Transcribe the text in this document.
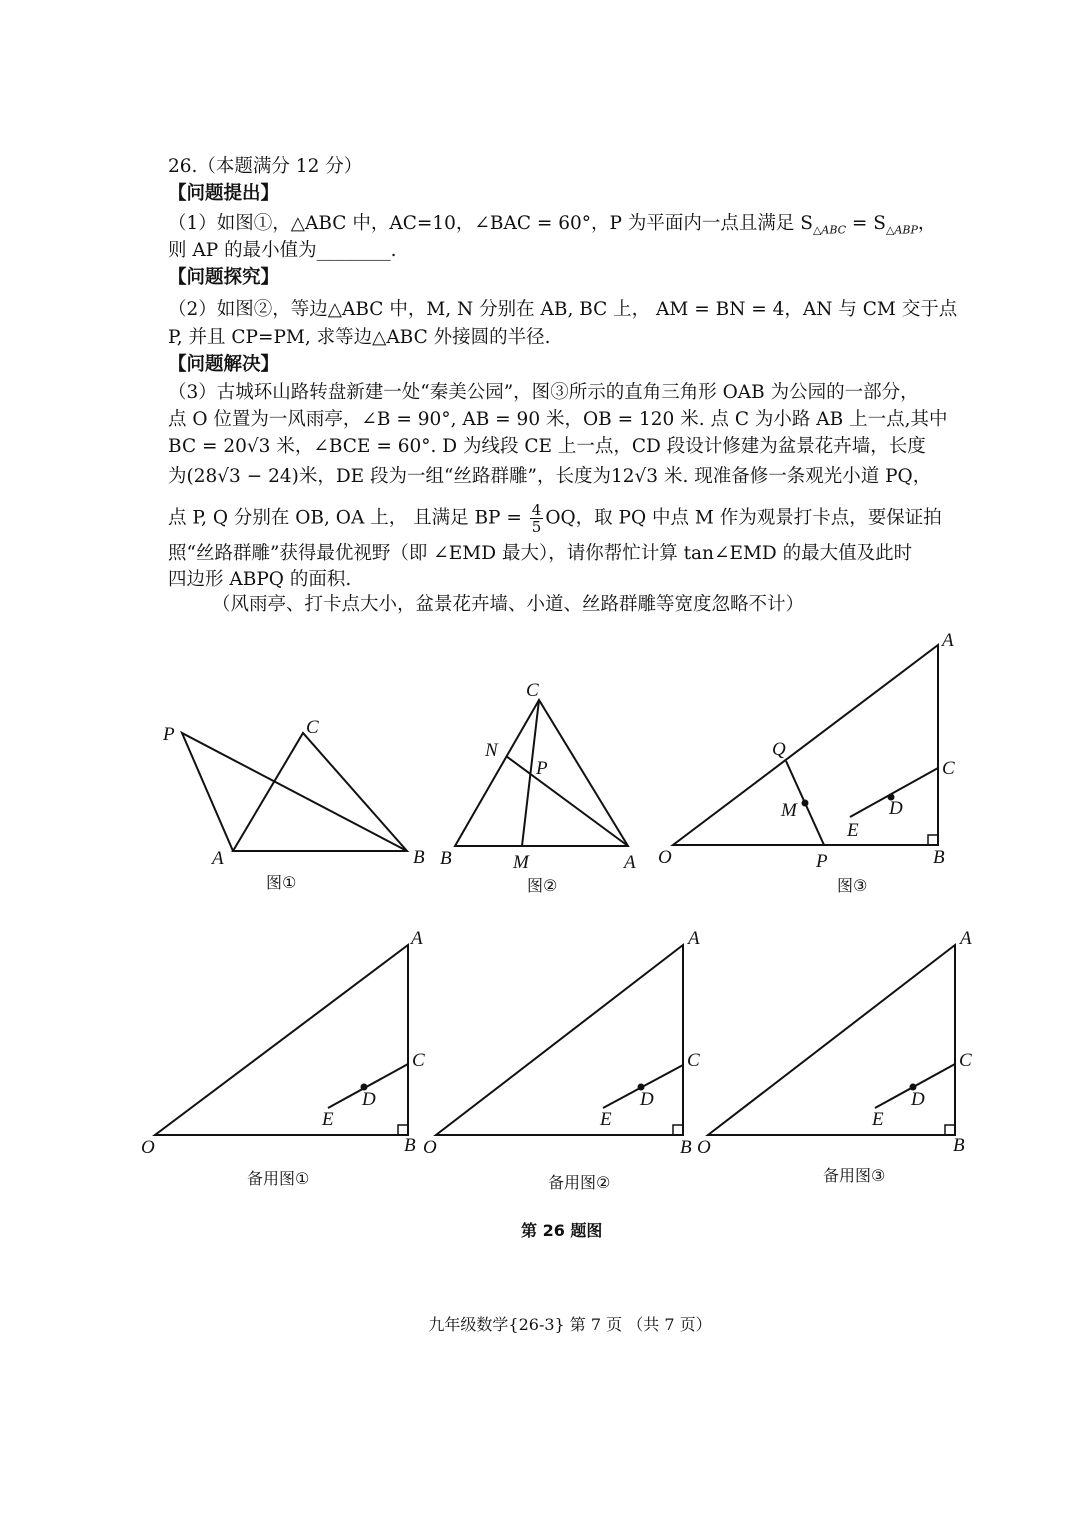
26.（本题满分 12 分）
【问题提出】
（1）如图①，△ABC 中，AC=10，∠BAC = 60°，P 为平面内一点且满足 $S_{\triangle ABC} = S_{\triangle ABP}$，
则 AP 的最小值为________.
【问题探究】
（2）如图②，等边△ABC 中，M, N 分别在 AB, BC 上， AM = BN = 4，AN 与 CM 交于点
P, 并且 CP=PM, 求等边△ABC 外接圆的半径.
【问题解决】
（3）古城环山路转盘新建一处“秦美公园”，图③所示的直角三角形 OAB 为公园的一部分，
点 O 位置为一风雨亭，∠B = 90°, AB = 90 米，OB = 120 米. 点 C 为小路 AB 上一点,其中
BC = 20√3 米，∠BCE = 60°. D 为线段 CE 上一点，CD 段设计修建为盆景花卉墙，长度
为(28√3 − 24)米，DE 段为一组“丝路群雕”，长度为12√3 米. 现准备修一条观光小道 PQ，
点 P, Q 分别在 OB, OA 上， 且满足 BP = $\frac{4}{5}$ OQ，取 PQ 中点 M 作为观景打卡点，要保证拍
照“丝路群雕”获得最优视野（即 ∠EMD 最大），请你帮忙计算 tan∠EMD 的最大值及此时
四边形 ABPQ 的面积.
（风雨亭、打卡点大小，盆景花卉墙、小道、丝路群雕等宽度忽略不计）
P	C
A	B
图①
C
N
P
B	M	A
图②
A
Q
C
M	D
E
O	P	B
图③
A
C
D
E
O	B
备用图①
A
C
D
E
O	B
备用图②
A
C
D
E
O	B
备用图③
第 26 题图
九年级数学{26-3} 第 7 页 （共 7 页）
